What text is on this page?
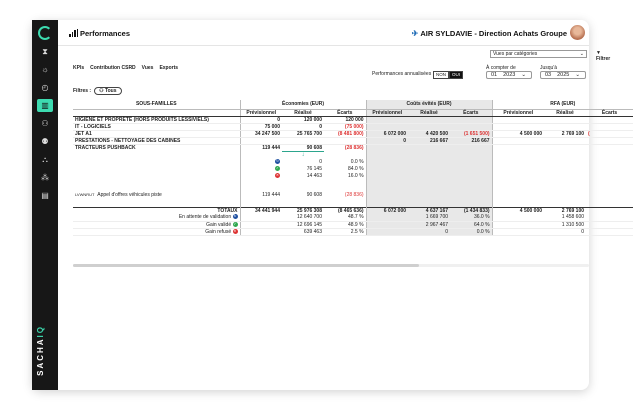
⧗
☼
◴
▥
⚇
⚉
⛬
⁂
▤
SACHAIQ
Performances	✈ AIR SYLDAVIE - Direction Achats Groupe
Vues par catégories	⌄ ▼ Filtrer
KPIs Contribution CSRD Vues Exports
Performances annualisées	NON	OUI
À compter de
01 2023 ⌄
Jusqu'à
03 2025 ⌄
Filtres :	⚇ Tous
SOUS-FAMILLES	Économies (EUR)			Coûts évités (EUR)			RFA (EUR)		
	Prévisionnel	Réalisé	Écarts	Prévisionnel	Réalisé	Écarts	Prévisionnel	Réalisé	Écarts
HIGIÈNE ET PROPRETÉ (HORS PRODUITS LESSIVIELS)	0	120 000	120 000						
IT - LOGICIELS	75 000	0	(75 000)						
JET A1	34 247 500	25 765 700	(8 481 800)	6 072 000	4 420 500	(1 651 500)	4 500 000	2 769 100	(
PRESTATIONS - NETTOYAGE DES CABINES				0	216 667	216 667			
TRACTEURS PUSHBACK	119 444	90 608	(28 836)						
		↓							
	↻	0	0.0 %						
	✓	76 145	84.0 %						
	✕	14 463	16.0 %						

LVWNRUT Appel d'offres véhicules piste	119 444	90 608	(28 836)						

TOTAUX	34 441 944	25 976 308	(8 465 636)	6 072 000	4 637 167	(1 434 833)	4 500 000	2 769 100	
En attente de validation ↻		12 640 700	48.7 %		1 669 700	36.0 %		1 458 600	
Gain validé ✓		12 696 145	48.9 %		2 967 467	64.0 %		1 310 500	
Gain refusé ✕		639 463	2.5 %		0	0.0 %		0	
